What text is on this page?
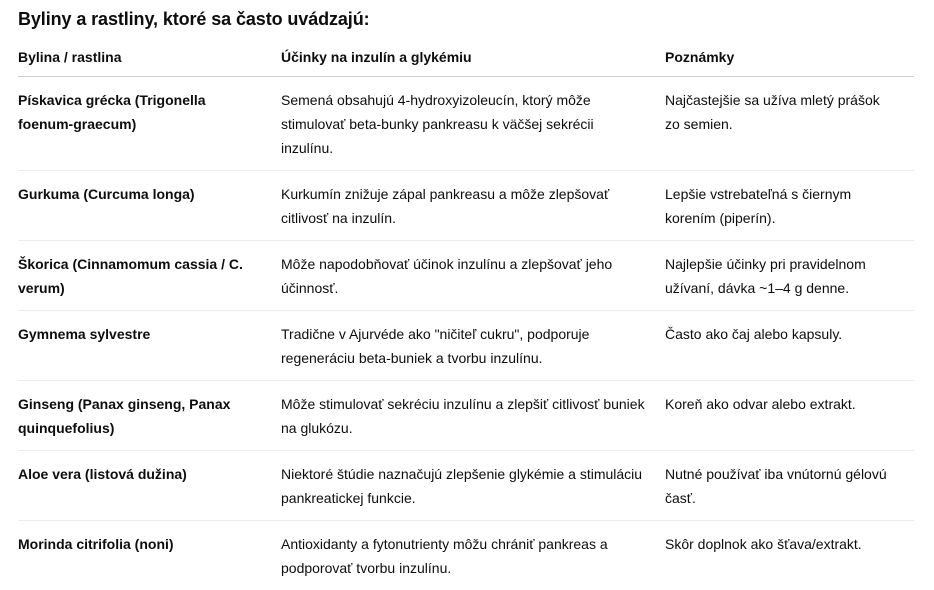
Byliny a rastliny, ktoré sa často uvádzajú:
Bylina / rastlina	Účinky na inzulín a glykémiu	Poznámky
Pískavica grécka (Trigonella foenum-graecum)	Semená obsahujú 4-hydroxyizoleucín, ktorý môže stimulovať beta-bunky pankreasu k väčšej sekrécii inzulínu.	Najčastejšie sa užíva mletý prášok zo semien.
Gurkuma (Curcuma longa)	Kurkumín znižuje zápal pankreasu a môže zlepšovať citlivosť na inzulín.	Lepšie vstrebateľná s čiernym korením (piperín).
Škorica (Cinnamomum cassia / C. verum)	Môže napodobňovať účinok inzulínu a zlepšovať jeho účinnosť.	Najlepšie účinky pri pravidelnom užívaní, dávka ~1–4 g denne.
Gymnema sylvestre	Tradične v Ajurvéde ako "ničiteľ cukru", podporuje regeneráciu beta-buniek a tvorbu inzulínu.	Často ako čaj alebo kapsuly.
Ginseng (Panax ginseng, Panax quinquefolius)	Môže stimulovať sekréciu inzulínu a zlepšiť citlivosť buniek na glukózu.	Koreň ako odvar alebo extrakt.
Aloe vera (listová dužina)	Niektoré štúdie naznačujú zlepšenie glykémie a stimuláciu pankreatickej funkcie.	Nutné používať iba vnútornú gélovú časť.
Morinda citrifolia (noni)	Antioxidanty a fytonutrienty môžu chrániť pankreas a podporovať tvorbu inzulínu.	Skôr doplnok ako šťava/extrakt.
